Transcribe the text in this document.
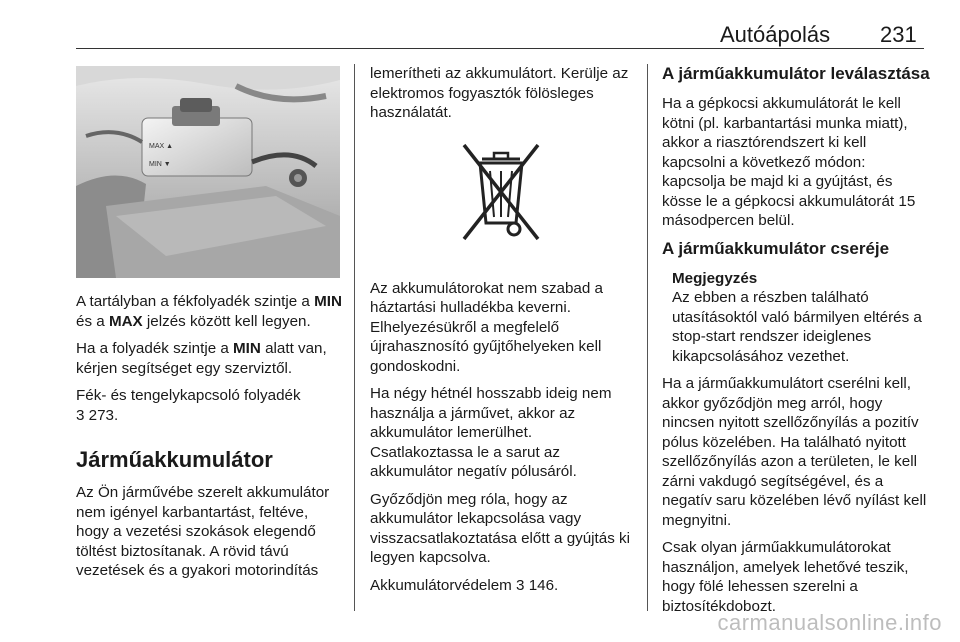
Autóápolás 231
MAX ▲
MIN ▼

A tartályban a fékfolyadék szintje a MIN és a MAX jelzés között kell legyen.

Ha a folyadék szintje a MIN alatt van, kérjen segítséget egy szerviztől.

Fék- és tengelykapcsoló folyadék
3 273.

Járműakkumulátor

Az Ön járművébe szerelt akkumulátor nem igényel karbantartást, feltéve, hogy a vezetési szokások elegendő töltést biztosítanak. A rövid távú vezetések és a gyakori motorindítás

lemerítheti az akkumulátort. Kerülje az elektromos fogyasztók fölösleges használatát.

Az akkumulátorokat nem szabad a háztartási hulladékba keverni. Elhelyezésükről a megfelelő újrahasznosító gyűjtőhelyeken kell gondoskodni.

Ha négy hétnél hosszabb ideig nem használja a járművet, akkor az akkumulátor lemerülhet. Csatlakoztassa le a sarut az akkumulátor negatív pólusáról.

Győződjön meg róla, hogy az akkumulátor lekapcsolása vagy visszacsatlakoztatása előtt a gyújtás ki legyen kapcsolva.

Akkumulátorvédelem 3 146.

A járműakkumulátor leválasztása

Ha a gépkocsi akkumulátorát le kell kötni (pl. karbantartási munka miatt), akkor a riasztórendszert ki kell kapcsolni a következő módon: kapcsolja be majd ki a gyújtást, és kösse le a gépkocsi akkumulátorát 15 másodpercen belül.

A járműakkumulátor cseréje
Megjegyzés

Az ebben a részben található utasításoktól való bármilyen eltérés a stop-start rendszer ideiglenes kikapcsolásához vezethet.

Ha a járműakkumulátort cserélni kell, akkor győződjön meg arról, hogy nincsen nyitott szellőzőnyílás a pozitív pólus közelében. Ha található nyitott szellőzőnyílás azon a területen, le kell zárni vakdugó segítségével, és a negatív saru közelében lévő nyílást kell megnyitni.

Csak olyan járműakkumulátorokat használjon, amelyek lehetővé teszik, hogy fölé lehessen szerelni a biztosítékdobozt.

carmanualsonline.info
